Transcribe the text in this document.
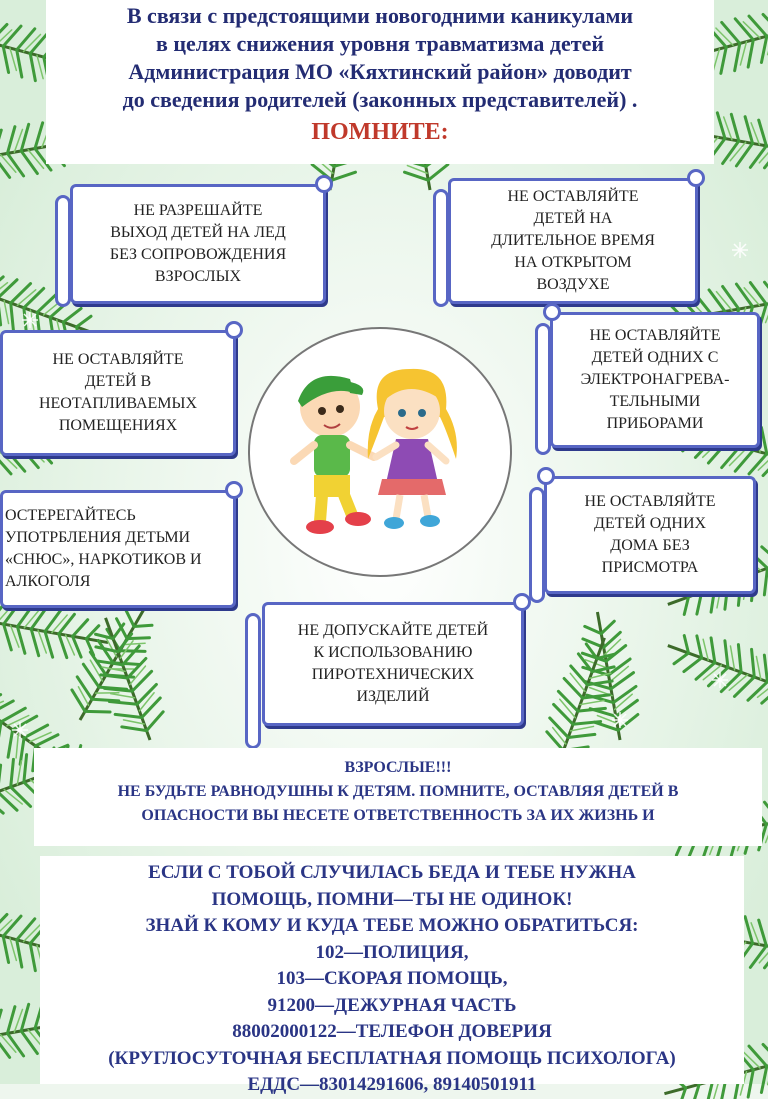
В связи с предстоящими новогодними каникулами
в целях снижения уровня травматизма детей
Администрация МО «Кяхтинский район» доводит
до сведения родителей (законных представителей) .
ПОМНИТЕ:
НЕ РАЗРЕШАЙТЕ
ВЫХОД ДЕТЕЙ НА ЛЕД
БЕЗ СОПРОВОЖДЕНИЯ
ВЗРОСЛЫХ
НЕ ОСТАВЛЯЙТЕ
ДЕТЕЙ НА
ДЛИТЕЛЬНОЕ ВРЕМЯ
НА ОТКРЫТОМ
ВОЗДУХЕ
НЕ ОСТАВЛЯЙТЕ
ДЕТЕЙ В
НЕОТАПЛИВАЕМЫХ
ПОМЕЩЕНИЯХ
НЕ ОСТАВЛЯЙТЕ
ДЕТЕЙ ОДНИХ С
ЭЛЕКТРОНАГРЕВА-
ТЕЛЬНЫМИ
ПРИБОРАМИ
ОСТЕРЕГАЙТЕСЬ
УПОТРБЛЕНИЯ ДЕТЬМИ
«СНЮС», НАРКОТИКОВ И
АЛКОГОЛЯ
НЕ ОСТАВЛЯЙТЕ
ДЕТЕЙ ОДНИХ
ДОМА БЕЗ
ПРИСМОТРА
НЕ ДОПУСКАЙТЕ ДЕТЕЙ
К ИСПОЛЬЗОВАНИЮ
ПИРОТЕХНИЧЕСКИХ
ИЗДЕЛИЙ
ВЗРОСЛЫЕ!!!
НЕ БУДЬТЕ РАВНОДУШНЫ К ДЕТЯМ. ПОМНИТЕ, ОСТАВЛЯЯ ДЕТЕЙ В
ОПАСНОСТИ ВЫ НЕСЕТЕ ОТВЕТСТВЕННОСТЬ ЗА ИХ ЖИЗНЬ И
ЕСЛИ С ТОБОЙ СЛУЧИЛАСЬ БЕДА И ТЕБЕ НУЖНА
ПОМОЩЬ, ПОМНИ—ТЫ НЕ ОДИНОК!
ЗНАЙ К КОМУ И КУДА ТЕБЕ МОЖНО ОБРАТИТЬСЯ:
102—ПОЛИЦИЯ,
103—СКОРАЯ ПОМОЩЬ,
91200—ДЕЖУРНАЯ ЧАСТЬ
88002000122—ТЕЛЕФОН ДОВЕРИЯ
(КРУГЛОСУТОЧНАЯ БЕСПЛАТНАЯ ПОМОЩЬ ПСИХОЛОГА)
ЕДДС—83014291606, 89140501911
